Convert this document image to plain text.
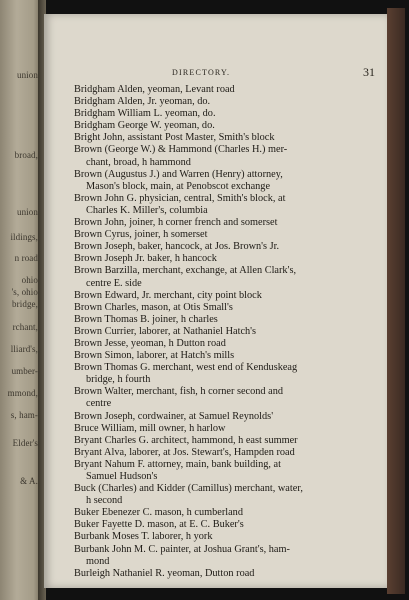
union
broad,
union
ildings,
n road
ohio
's, ohio
bridge,
rchant,
lliard's,
umber-
mmond,
s, ham-
Elder's
& A.
DIRECTORY.	31
Bridgham Alden, yeoman, Levant road
Bridgham Alden, Jr. yeoman, do.
Bridgham William L. yeoman, do.
Bridgham George W. yeoman, do.
Bright John, assistant Post Master, Smith's block
Brown (George W.) & Hammond (Charles H.) mer-
chant, broad, h hammond
Brown (Augustus J.) and Warren (Henry) attorney,
Mason's block, main, at Penobscot exchange
Brown John G. physician, central, Smith's block, at
Charles K. Miller's, columbia
Brown John, joiner, h corner french and somerset
Brown Cyrus, joiner, h somerset
Brown Joseph, baker, hancock, at Jos. Brown's Jr.
Brown Joseph Jr. baker, h hancock
Brown Barzilla, merchant, exchange, at Allen Clark's,
centre E. side
Brown Edward, Jr. merchant, city point block
Brown Charles, mason, at Otis Small's
Brown Thomas B. joiner, h charles
Brown Currier, laborer, at Nathaniel Hatch's
Brown Jesse, yeoman, h Dutton road
Brown Simon, laborer, at Hatch's mills
Brown Thomas G. merchant, west end of Kenduskeag
bridge, h fourth
Brown Walter, merchant, fish, h corner second and
centre
Brown Joseph, cordwainer, at Samuel Reynolds'
Bruce William, mill owner, h harlow
Bryant Charles G. architect, hammond, h east summer
Bryant Alva, laborer, at Jos. Stewart's, Hampden road
Bryant Nahum F. attorney, main, bank building, at
Samuel Hudson's
Buck (Charles) and Kidder (Camillus) merchant, water,
h second
Buker Ebenezer C. mason, h cumberland
Buker Fayette D. mason, at E. C. Buker's
Burbank Moses T. laborer, h york
Burbank John M. C. painter, at Joshua Grant's, ham-
mond
Burleigh Nathaniel R. yeoman, Dutton road
